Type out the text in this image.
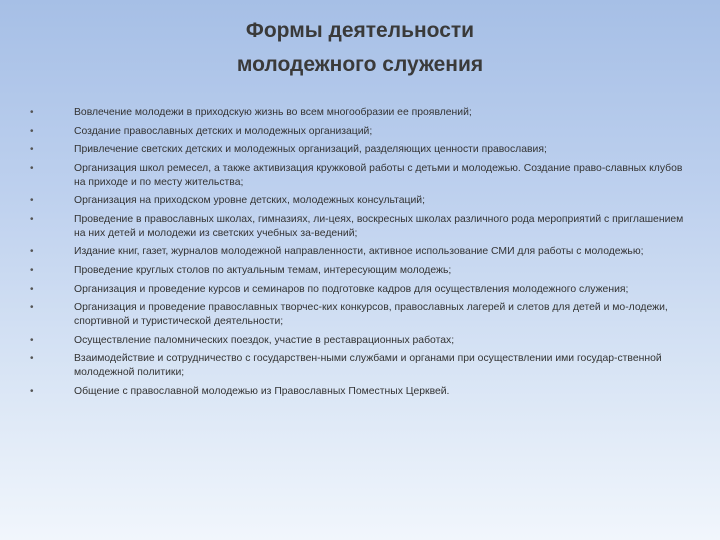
Формы деятельности
молодежного служения
•	Вовлечение молодежи в приходскую жизнь во всем многообразии ее проявлений;
•	Создание православных детских и молодежных организаций;
•	Привлечение светских детских и молодежных организаций, разделяющих ценности православия;
•	Организация школ ремесел, а также активизация кружковой работы с детьми и молодежью. Создание право-славных клубов на приходе и по месту жительства;
•	Организация на приходском уровне детских, молодежных консультаций;
•	Проведение в православных школах, гимназиях, ли-цеях, воскресных школах различного рода мероприятий с приглашением на них детей и молодежи из светских учебных за-ведений;
•	Издание книг, газет, журналов молодежной направленности, активное использование СМИ для работы с молодежью;
•	Проведение круглых столов по актуальным темам, интересующим молодежь;
•	Организация и проведение курсов и семинаров по подготовке кадров для осуществления молодежного служения;
•	Организация и проведение православных творчес-ких конкурсов, православных лагерей и слетов для детей и мо-лодежи, спортивной и туристической деятельности;
•	Осуществление паломнических поездок, участие в реставрационных работах;
•	Взаимодействие и сотрудничество с государствен-ными службами и органами при осуществлении ими государ-ственной молодежной политики;
•	Общение с православной молодежью из Православных Поместных Церквей.
